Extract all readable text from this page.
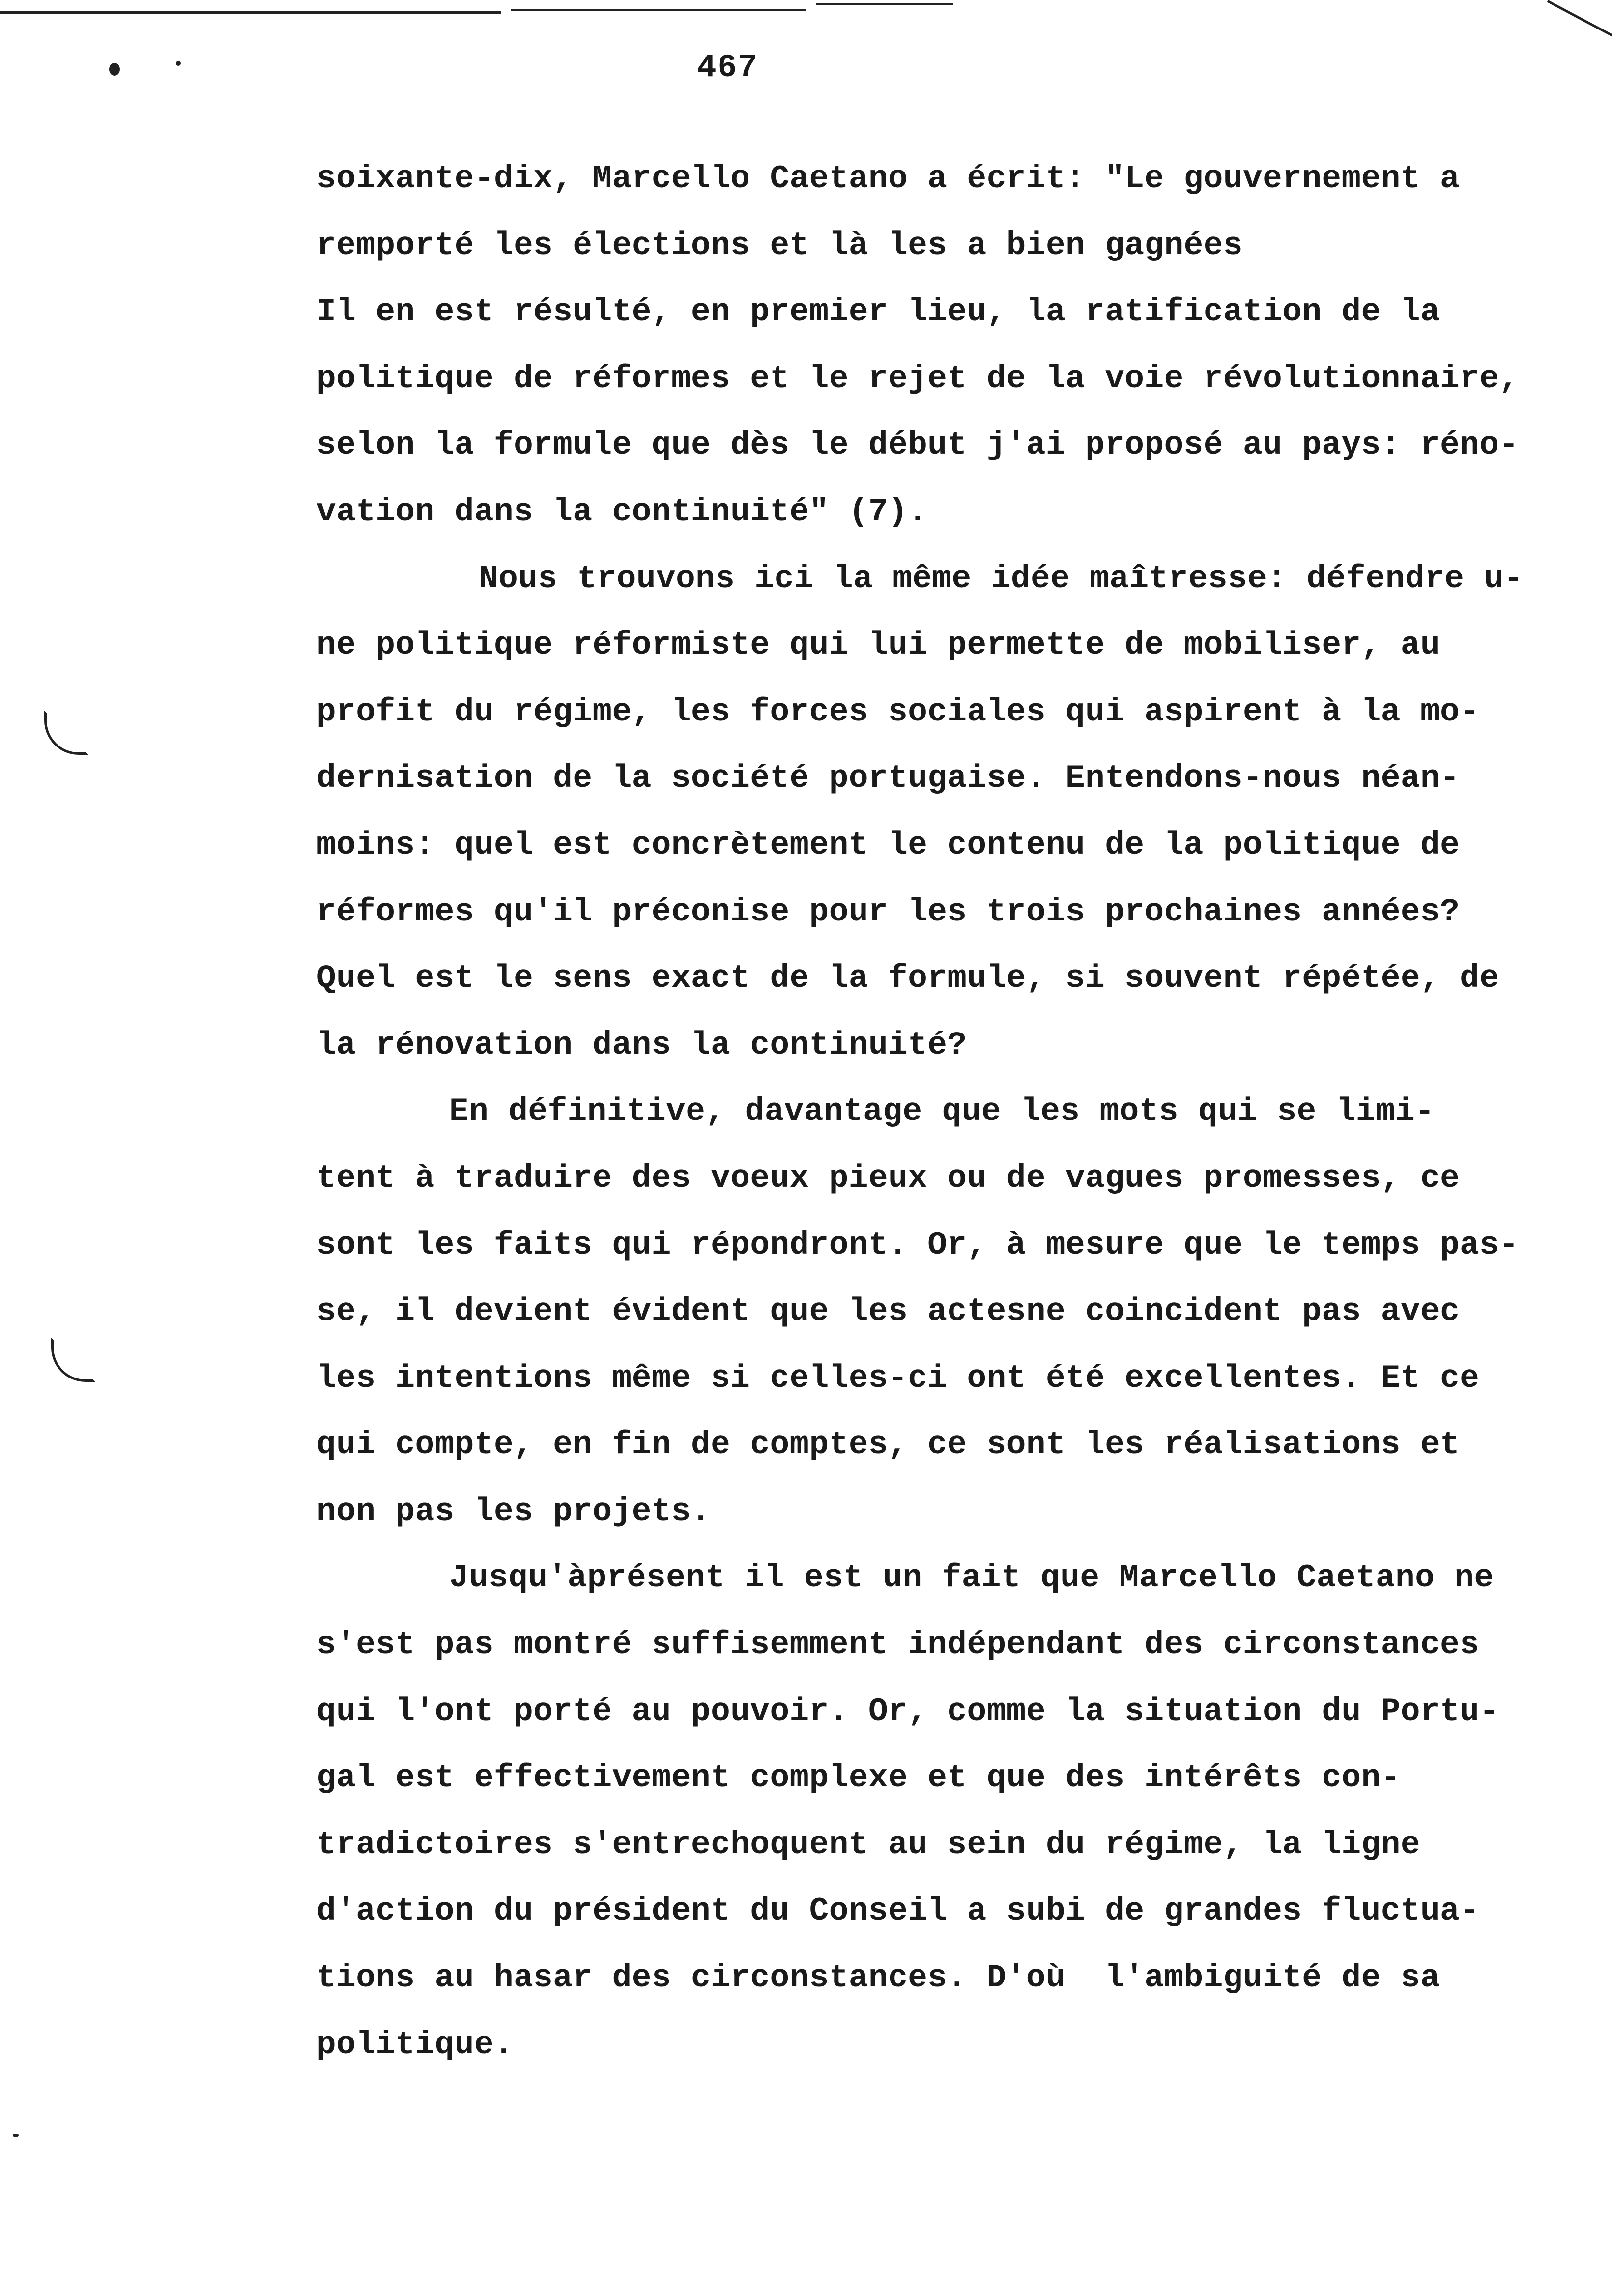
467
soixante-dix, Marcello Caetano a écrit: "Le gouvernement a
remporté les élections et là les a bien gagnées
Il en est résulté, en premier lieu, la ratification de la
politique de réformes et le rejet de la voie révolutionnaire,
selon la formule que dès le début j'ai proposé au pays: réno-
vation dans la continuité" (7).
Nous trouvons ici la même idée maîtresse: défendre u-
ne politique réformiste qui lui permette de mobiliser, au
profit du régime, les forces sociales qui aspirent à la mo-
dernisation de la société portugaise. Entendons-nous néan-
moins: quel est concrètement le contenu de la politique de
réformes qu'il préconise pour les trois prochaines années?
Quel est le sens exact de la formule, si souvent répétée, de
la rénovation dans la continuité?
En définitive, davantage que les mots qui se limi-
tent à traduire des voeux pieux ou de vagues promesses, ce
sont les faits qui répondront. Or, à mesure que le temps pas-
se, il devient évident que les actesne coincident pas avec
les intentions même si celles-ci ont été excellentes. Et ce
qui compte, en fin de comptes, ce sont les réalisations et
non pas les projets.
Jusqu'àprésent il est un fait que Marcello Caetano ne
s'est pas montré suffisemment indépendant des circonstances
qui l'ont porté au pouvoir. Or, comme la situation du Portu-
gal est effectivement complexe et que des intérêts con-
tradictoires s'entrechoquent au sein du régime, la ligne
d'action du président du Conseil a subi de grandes fluctua-
tions au hasar des circonstances. D'où  l'ambiguité de sa
politique.
